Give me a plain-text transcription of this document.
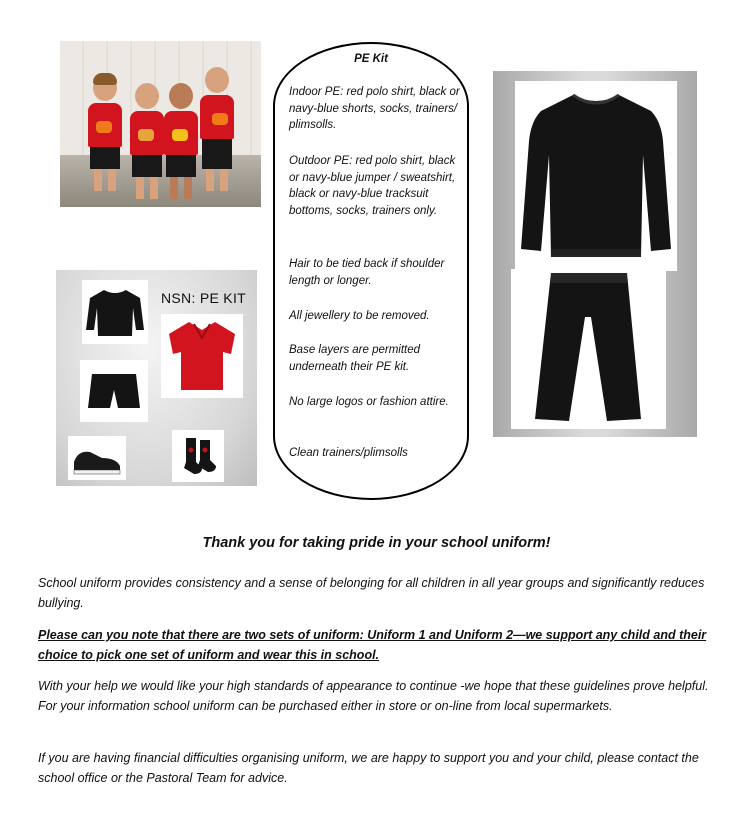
NSN: PE KIT
PE Kit
Indoor PE: red polo shirt, black or navy-blue shorts, socks, trainers/ plimsolls.
Outdoor PE: red polo shirt, black or navy-blue jumper / sweatshirt, black or navy-blue tracksuit bottoms, socks, trainers only.
Hair to be tied back if shoulder length or longer.
All jewellery to be removed.
Base layers are permitted underneath their PE kit.
No large logos or fashion attire.
Clean trainers/plimsolls
Thank you for taking pride in your school uniform!
School uniform provides consistency and a sense of belonging for all children in all year groups and significantly reduces bullying.
Please can you note that there are two sets of uniform: Uniform 1 and Uniform 2—we support any child and their choice to pick one set of uniform and wear this in school.
With your help we would like your high standards of appearance to continue -we hope that these guidelines prove helpful. For your information school uniform can be purchased either in store or on-line from local supermarkets.
If you are having financial difficulties organising uniform, we are happy to support you and your child, please contact the school office or the Pastoral Team for advice.
